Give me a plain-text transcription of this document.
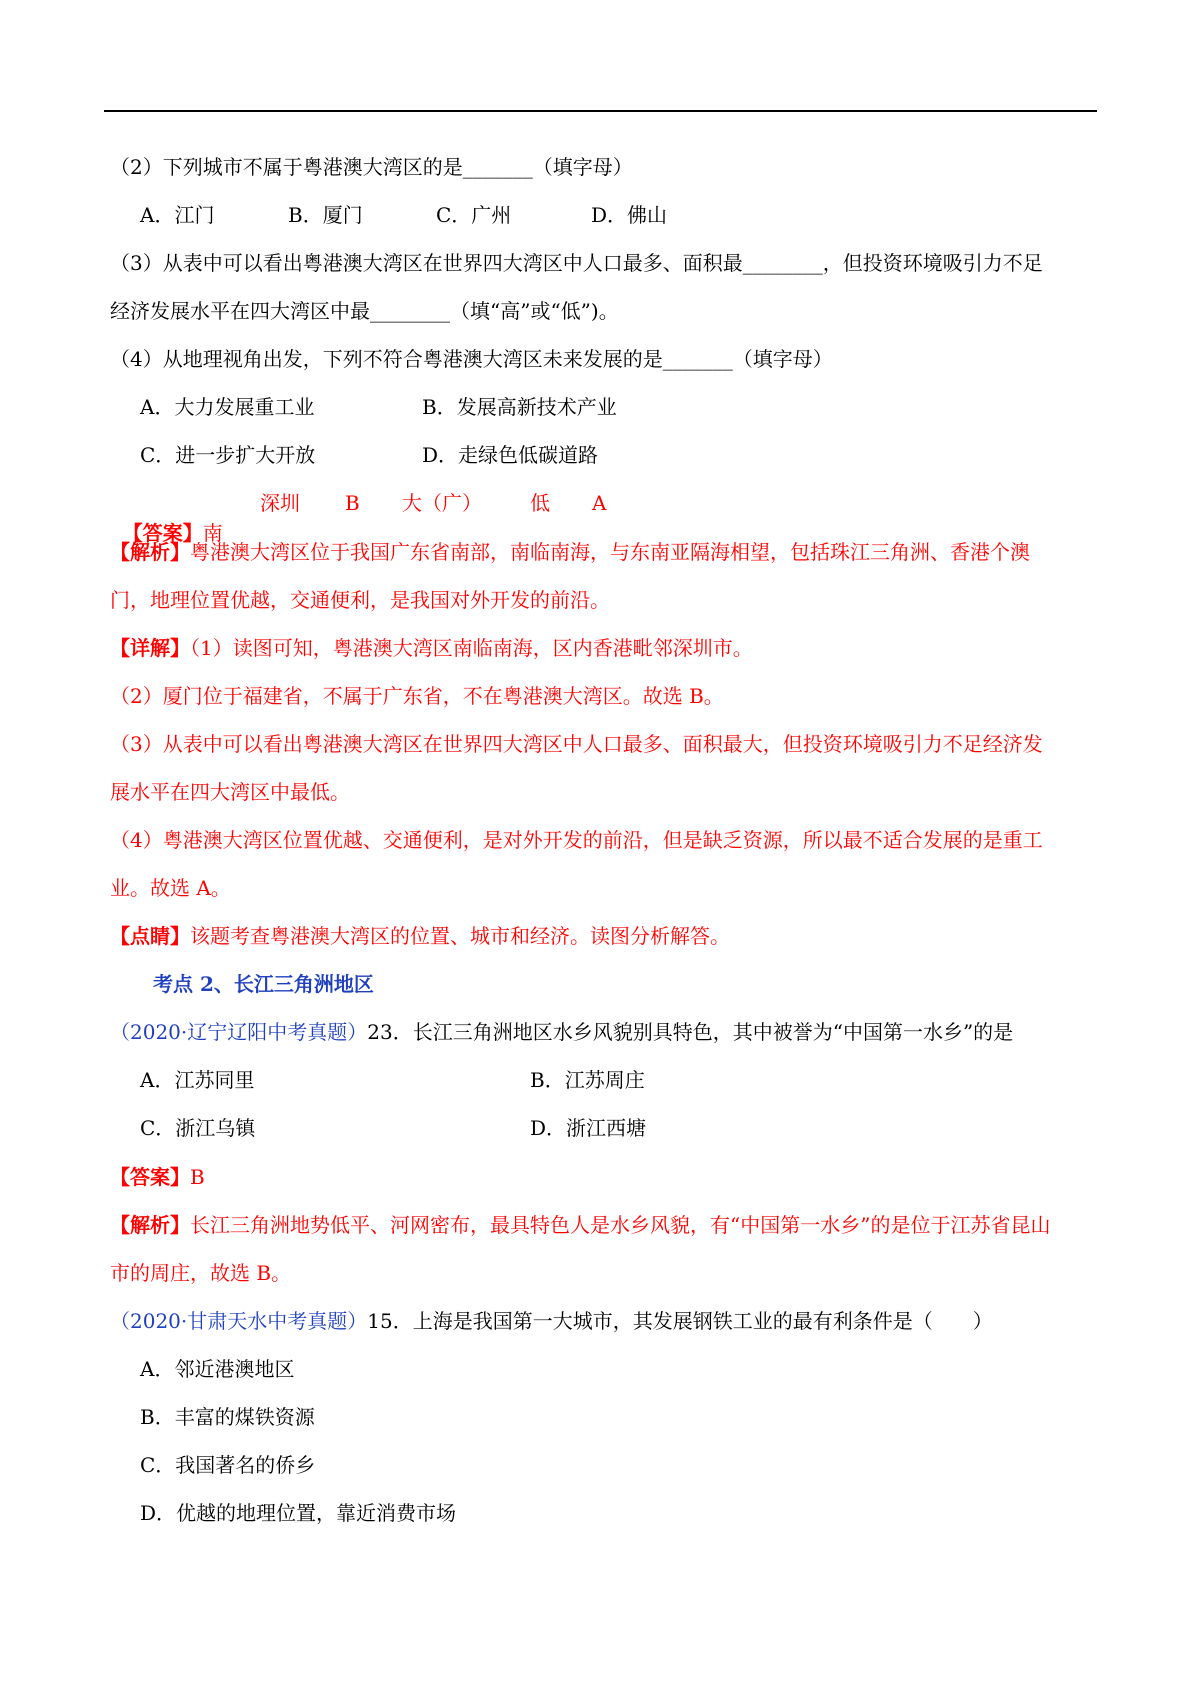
（2）下列城市不属于粤港澳大湾区的是_______（填字母）
A．江门	B．厦门	C．广州	D．佛山
（3）从表中可以看出粤港澳大湾区在世界四大湾区中人口最多、面积最________，但投资环境吸引力不足
经济发展水平在四大湾区中最________（填“高”或“低”)。
（4）从地理视角出发，下列不符合粤港澳大湾区未来发展的是_______（填字母）
A．大力发展重工业	B．发展高新技术产业
C．进一步扩大开放	D．走绿色低碳道路

【答案】南

深圳 B 大（广） 低 A
【解析】粤港澳大湾区位于我国广东省南部，南临南海，与东南亚隔海相望，包括珠江三角洲、香港个澳
门，地理位置优越，交通便利，是我国对外开发的前沿。
【详解】（1）读图可知，粤港澳大湾区南临南海，区内香港毗邻深圳市。
（2）厦门位于福建省，不属于广东省，不在粤港澳大湾区。故选 B。
（3）从表中可以看出粤港澳大湾区在世界四大湾区中人口最多、面积最大，但投资环境吸引力不足经济发
展水平在四大湾区中最低。
（4）粤港澳大湾区位置优越、交通便利，是对外开发的前沿，但是缺乏资源，所以最不适合发展的是重工
业。故选 A。
【点睛】该题考查粤港澳大湾区的位置、城市和经济。读图分析解答。
考点 2、长江三角洲地区
（2020·辽宁辽阳中考真题）23．长江三角洲地区水乡风貌别具特色，其中被誉为“中国第一水乡”的是
A．江苏同里	B．江苏周庄
C．浙江乌镇	D．浙江西塘
【答案】B
【解析】长江三角洲地势低平、河网密布，最具特色人是水乡风貌，有“中国第一水乡”的是位于江苏省昆山
市的周庄，故选 B。
（2020·甘肃天水中考真题）15．上海是我国第一大城市，其发展钢铁工业的最有利条件是（　　）
A．邻近港澳地区
B．丰富的煤铁资源
C．我国著名的侨乡
D．优越的地理位置，靠近消费市场
